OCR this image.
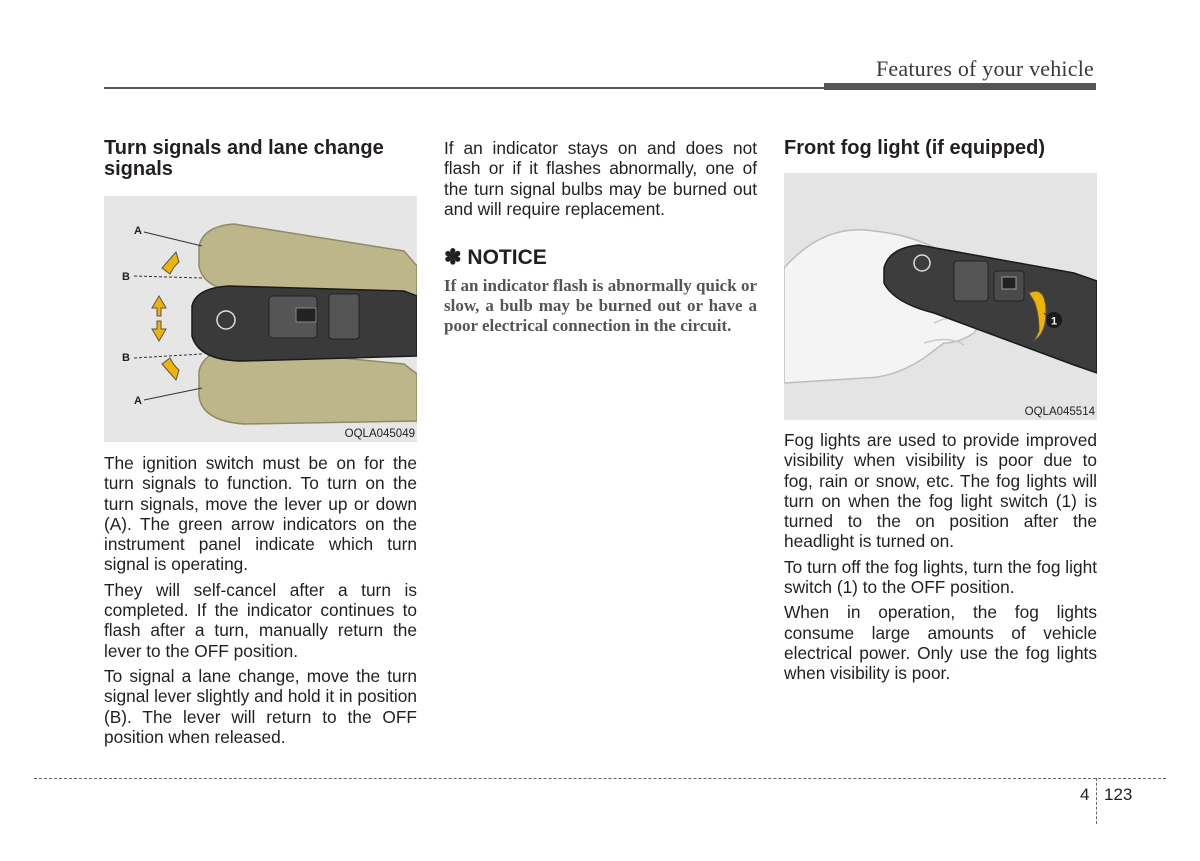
Features of your vehicle
Turn signals and lane change signals
A
B
B
A
OQLA045049

The ignition switch must be on for the turn signals to function. To turn on the turn signals, move the lever up or down (A). The green arrow indicators on the instrument panel indicate which turn signal is operating.

They will self-cancel after a turn is completed. If the indicator continues to flash after a turn, manually return the lever to the OFF position.

To signal a lane change, move the turn signal lever slightly and hold it in position (B). The lever will return to the OFF position when released.

If an indicator stays on and does not flash or if it flashes abnormally, one of the turn signal bulbs may be burned out and will require replacement.

✽ NOTICE
If an indicator flash is abnormally quick or slow, a bulb may be burned out or have a poor electrical connection in the circuit.
Front fog light (if equipped)
1
OQLA045514

Fog lights are used to provide improved visibility when visibility is poor due to fog, rain or snow, etc. The fog lights will turn on when the fog light switch (1) is turned to the on position after the headlight is turned on.

To turn off the fog lights, turn the fog light switch (1) to the OFF position.

When in operation, the fog lights consume large amounts of vehicle electrical power. Only use the fog lights when visibility is poor.

4 123
